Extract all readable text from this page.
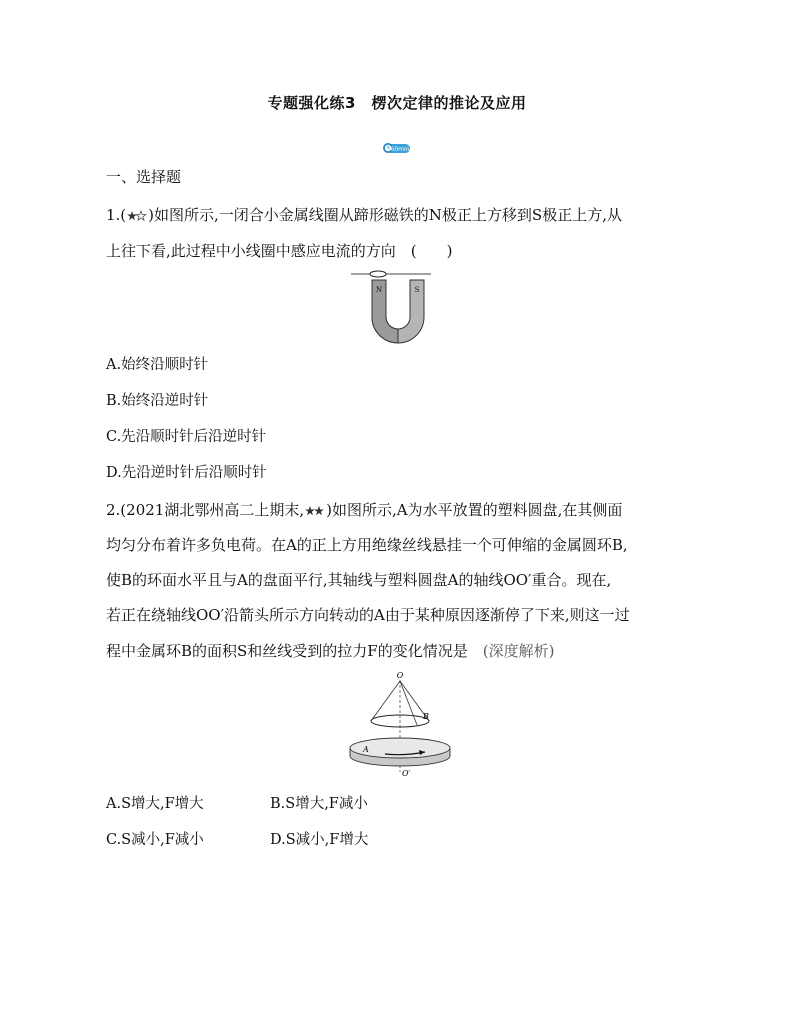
专题强化练3　楞次定律的推论及应用
60min
一、选择题
1.( )如图所示,一闭合小金属线圈从蹄形磁铁的N极正上方移到S极正上方,从
上往下看,此过程中小线圈中感应电流的方向　(　　)
N	S
A.始终沿顺时针
B.始终沿逆时针
C.先沿顺时针后沿逆时针
D.先沿逆时针后沿顺时针
2.(2021湖北鄂州高二上期末, )如图所示,A为水平放置的塑料圆盘,在其侧面
均匀分布着许多负电荷。在A的正上方用绝缘丝线悬挂一个可伸缩的金属圆环B,
使B的环面水平且与A的盘面平行,其轴线与塑料圆盘A的轴线OO′重合。现在,
若正在绕轴线OO′沿箭头所示方向转动的A由于某种原因逐渐停了下来,则这一过
程中金属环B的面积S和丝线受到的拉力F的变化情况是　 (深度解析)
O
B
A
O′
A.S增大,F增大	B.S增大,F减小
C.S减小,F减小	D.S减小,F增大
